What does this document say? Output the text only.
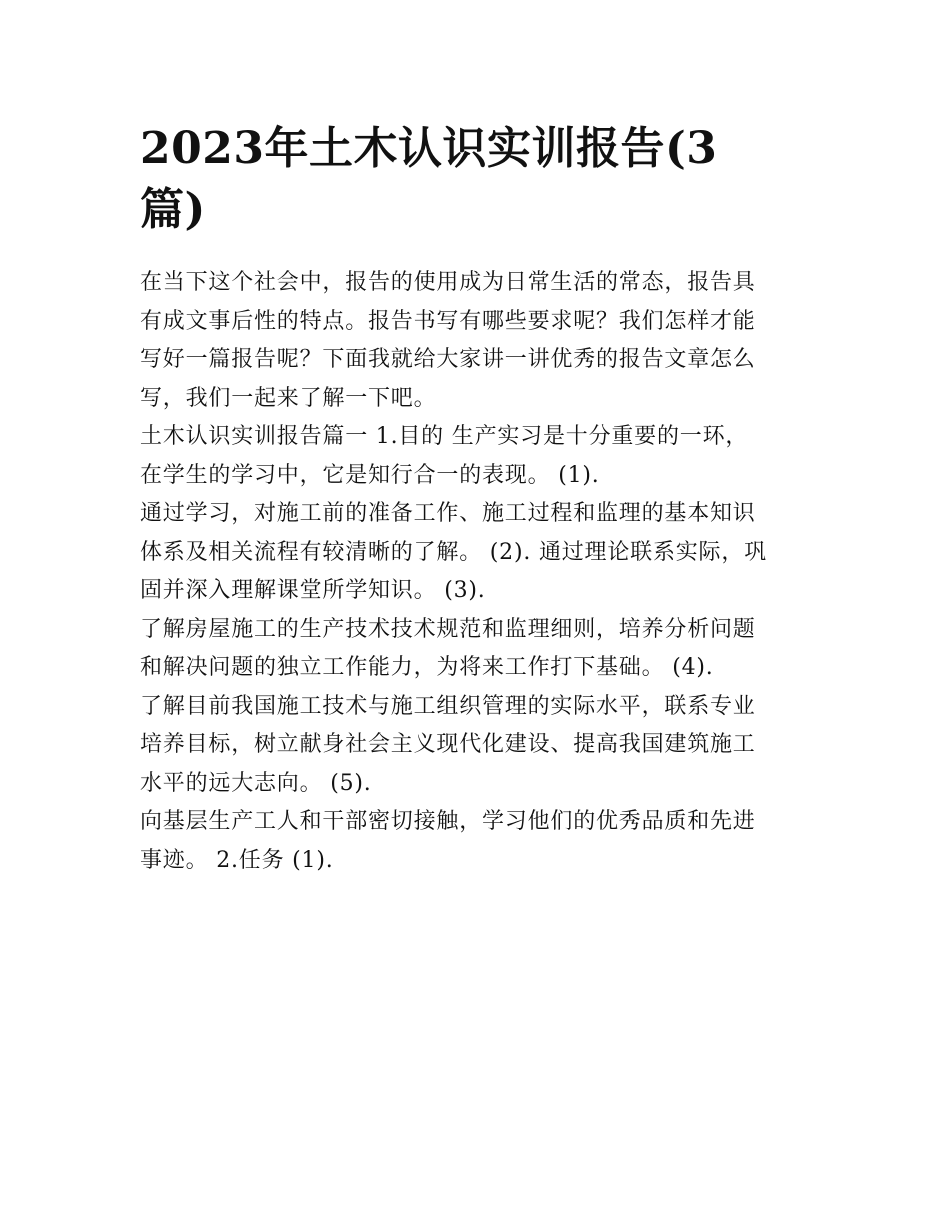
2023年土木认识实训报告(3
篇)

在当下这个社会中，报告的使用成为日常生活的常态，报告具
有成文事后性的特点。报告书写有哪些要求呢？我们怎样才能
写好一篇报告呢？下面我就给大家讲一讲优秀的报告文章怎么
写，我们一起来了解一下吧。

土木认识实训报告篇一 1.目的 生产实习是十分重要的一环，
在学生的学习中，它是知行合一的表现。 (1).

通过学习，对施工前的准备工作、施工过程和监理的基本知识
体系及相关流程有较清晰的了解。 (2). 通过理论联系实际，巩
固并深入理解课堂所学知识。 (3).

了解房屋施工的生产技术技术规范和监理细则，培养分析问题
和解决问题的独立工作能力，为将来工作打下基础。 (4).

了解目前我国施工技术与施工组织管理的实际水平，联系专业
培养目标，树立献身社会主义现代化建设、提高我国建筑施工
水平的远大志向。 (5).

向基层生产工人和干部密切接触，学习他们的优秀品质和先进
事迹。 2.任务 (1).
